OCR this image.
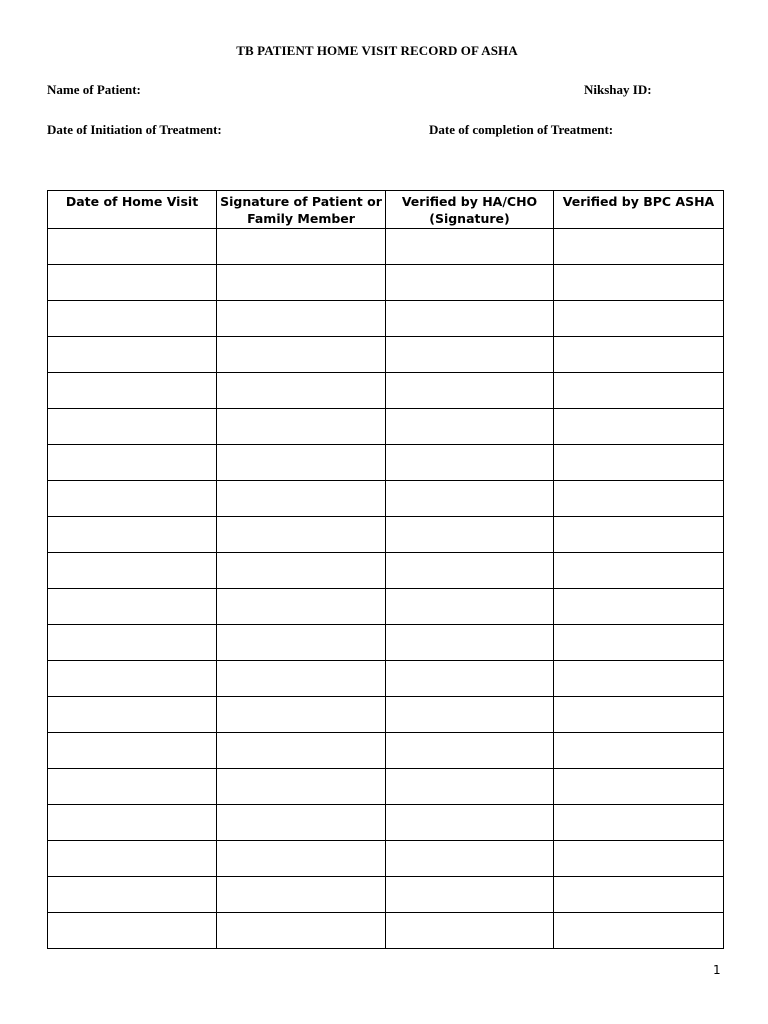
TB PATIENT HOME VISIT RECORD OF ASHA
Name of Patient:	Nikshay ID:
Date of Initiation of Treatment:	Date of completion of Treatment:
Date of Home Visit	Signature of Patient or Family Member	Verified by HA/CHO (Signature)	Verified by BPC ASHA

1
